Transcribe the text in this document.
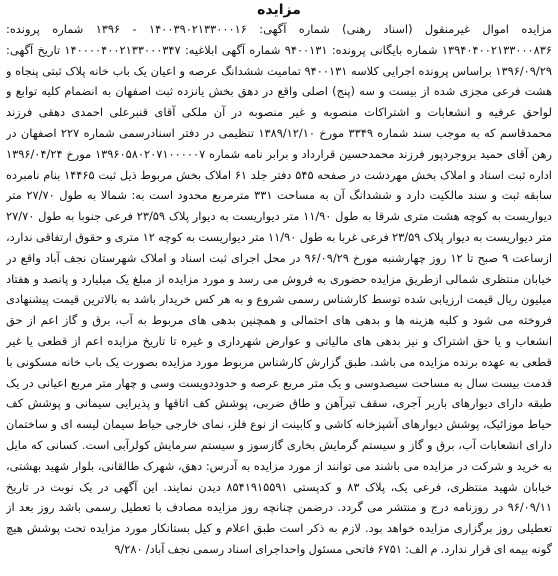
مزایده

مزایده اموال غیرمنقول (اسناد رهنی) شماره آگهی: ۱۴۰۰۳۹۰۲۱۳۳۰۰۰۱۶ - ۱۳۹۶ شماره پرونده: ۱۳۹۴۰۴۰۰۲۱۳۳۰۰۰۸۳۶ شماره بایگانی پرونده: ۹۴۰۰۱۳۱ شماره آگهی ابلاغیه: ۱۴۰۰۰۰۴۰۰۲۱۳۳۰۰۰۳۴۷ تاریخ آگهی: ۱۳۹۶/۰۹/۲۹ براساس پرونده اجرایی کلاسه ۹۴۰۰۱۳۱ تمامیت ششدانگ عرصه و اعیان یک باب خانه پلاک ثبتی پنجاه و هشت فرعی مجزی شده از بیست و سه (پنج) اصلی واقع در دهق بخش یانزده ثبت اصفهان به انضمام کلیه توابع و لواحق عرفیه و انشعابات و اشتراکات منصوبه و غیر منصوبه در آن ملکی آقای قنبرعلی احمدی دهقی فرزند محمدقاسم که به موجب سند شماره ۳۳۴۹ مورخ ۱۳۸۹/۱۲/۱۰ تنظیمی در دفتر اسنادرسمی شماره ۲۲۷ اصفهان در رهن آقای حمید بروجردپور فرزند محمدحسین قرارداد و برابر نامه شماره ۱۳۹۶۰۵۸۰۲۰۷۱۰۰۰۰۰۷ مورخ ۱۳۹۶/۰۴/۲۴ اداره ثبت اسناد و املاک بخش مهردشت در صفحه ۵۴۵ دفتر جلد ۶۱ املاک بخش مربوط ذیل ثبت ۱۴۴۶۵ بنام نامبرده سابقه ثبت و سند مالکیت دارد و ششدانگ آن به مساحت ۳۳۱ مترمربع محدود است به: شمالا به طول ۲۷/۷۰ متر دیواریست به کوچه هشت متری شرقا به طول ۱۱/۹۰ متر دیواریست به دیوار پلاک ۲۳/۵۹ فرعی جنوبا به طول ۲۷/۷۰ متر دیواریست به دیوار پلاک ۲۳/۵۹ فرعی غربا به طول ۱۱/۹۰ متر دیواریست به کوچه ۱۲ متری و حقوق ارتفاقی ندارد، ازساعت ۹ صبح تا ۱۲ روز چهارشنبه مورخ ۹۶/۰۹/۲۹ در محل اجرای ثبت اسناد و املاک شهرستان نجف آباد واقع در خیابان منتظری شمالی ازطریق مزایده حضوری به فروش می رسد و مورد مزایده از مبلغ یک میلیارد و پانصد و هفتاد میلیون ریال قیمت ارزیابی شده توسط کارشناس رسمی شروع و به هر کس خریدار باشد به بالاترین قیمت پیشنهادی فروخته می شود و کلیه هزینه ها و بدهی های احتمالی و همچنین بدهی های مربوط به آب، برق و گاز اعم از حق انشعاب و یا حق اشتراک و نیز بدهی های مالیاتی و عوارض شهرداری و غیره تا تاریخ مزایده اعم از قطعی یا غیر قطعی به عهده برنده مزایده می باشد. طبق گزارش کارشناس مربوط مورد مزایده بصورت یک باب خانه مسکونی با قدمت بیست سال به مساحت سیصدوسی و یک متر مربع عرصه و حدوددویست وسی و چهار متر مربع اعیانی در یک طبقه دارای دیوارهای باربر آجری، سقف تیرآهن و طاق ضربی، پوشش کف اتاقها و پذیرایی سیمانی و پوشش کف حیاط موزائیک، پوشش دیوارهای آشپزخانه کاشی و کابینت از نوع فلز، نمای خارجی حیاط سیمان لیسه ای و ساختمان دارای انشعابات آب، برق و گاز و سیستم گرمایش بخاری گازسوز و سیستم سرمایش کولرآبی است. کسانی که مایل به خرید و شرکت در مزایده می باشند می توانند از مورد مزایده به آدرس: دهق، شهرک طالقانی، بلوار شهید بهشتی، خیابان شهید منتظری، فرعی یک، پلاک ۸۳ و کدپستی ۸۵۴۱۹۱۵۵۹۱ دیدن نمایند. این آگهی در یک نوبت در تاریخ ۹۶/۰۹/۱۱ در روزنامه درج و منتشر می گردد. درضمن چنانچه روز مزایده مصادف با تعطیل رسمی باشد روز بعد از تعطیلی روز برگزاری مزایده خواهد بود. لازم به ذکر است طبق اعلام و کیل بستانکار مورد مزایده تحت پوشش هیچ گونه بیمه ای قرار ندارد. م الف: ۶۷۵۱ فاتحی مسئول واحداجرای اسناد رسمی نجف آباد/ ۹/۲۸۰
